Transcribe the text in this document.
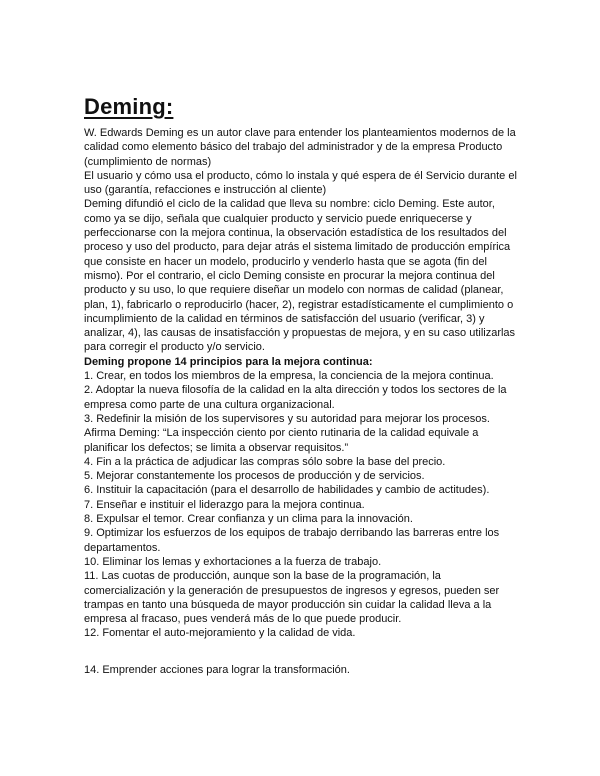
Deming:

W. Edwards Deming es un autor clave para entender los planteamientos modernos de la calidad como elemento básico del trabajo del administrador y de la empresa Producto (cumplimiento de normas)

El usuario y cómo usa el producto, cómo lo instala y qué espera de él Servicio durante el uso (garantía, refacciones e instrucción al cliente)

Deming difundió el ciclo de la calidad que lleva su nombre: ciclo Deming. Este autor, como ya se dijo, señala que cualquier producto y servicio puede enriquecerse y perfeccionarse con la mejora continua, la observación estadística de los resultados del proceso y uso del producto, para dejar atrás el sistema limitado de producción empírica que consiste en hacer un modelo, producirlo y venderlo hasta que se agota (fin del mismo). Por el contrario, el ciclo Deming consiste en procurar la mejora continua del producto y su uso, lo que requiere diseñar un modelo con normas de calidad (planear, plan, 1), fabricarlo o reproducirlo (hacer, 2), registrar estadísticamente el cumplimiento o incumplimiento de la calidad en términos de satisfacción del usuario (verificar, 3) y analizar, 4), las causas de insatisfacción y propuestas de mejora, y en su caso utilizarlas para corregir el producto y/o servicio.

Deming propone 14 principios para la mejora continua:

1. Crear, en todos los miembros de la empresa, la conciencia de la mejora continua.

2. Adoptar la nueva filosofía de la calidad en la alta dirección y todos los sectores de la empresa como parte de una cultura organizacional.

3. Redefinir la misión de los supervisores y su autoridad para mejorar los procesos. Afirma Deming: “La inspección ciento por ciento rutinaria de la calidad equivale a planificar los defectos; se limita a observar requisitos.”

4. Fin a la práctica de adjudicar las compras sólo sobre la base del precio.

5. Mejorar constantemente los procesos de producción y de servicios.

6. Instituir la capacitación (para el desarrollo de habilidades y cambio de actitudes).

7. Enseñar e instituir el liderazgo para la mejora continua.

8. Expulsar el temor. Crear confianza y un clima para la innovación.

9. Optimizar los esfuerzos de los equipos de trabajo derribando las barreras entre los departamentos.

10. Eliminar los lemas y exhortaciones a la fuerza de trabajo.

11. Las cuotas de producción, aunque son la base de la programación, la comercialización y la generación de presupuestos de ingresos y egresos, pueden ser trampas en tanto una búsqueda de mayor producción sin cuidar la calidad lleva a la empresa al fracaso, pues venderá más de lo que puede producir.

12. Fomentar el auto-mejoramiento y la calidad de vida.

14. Emprender acciones para lograr la transformación.
